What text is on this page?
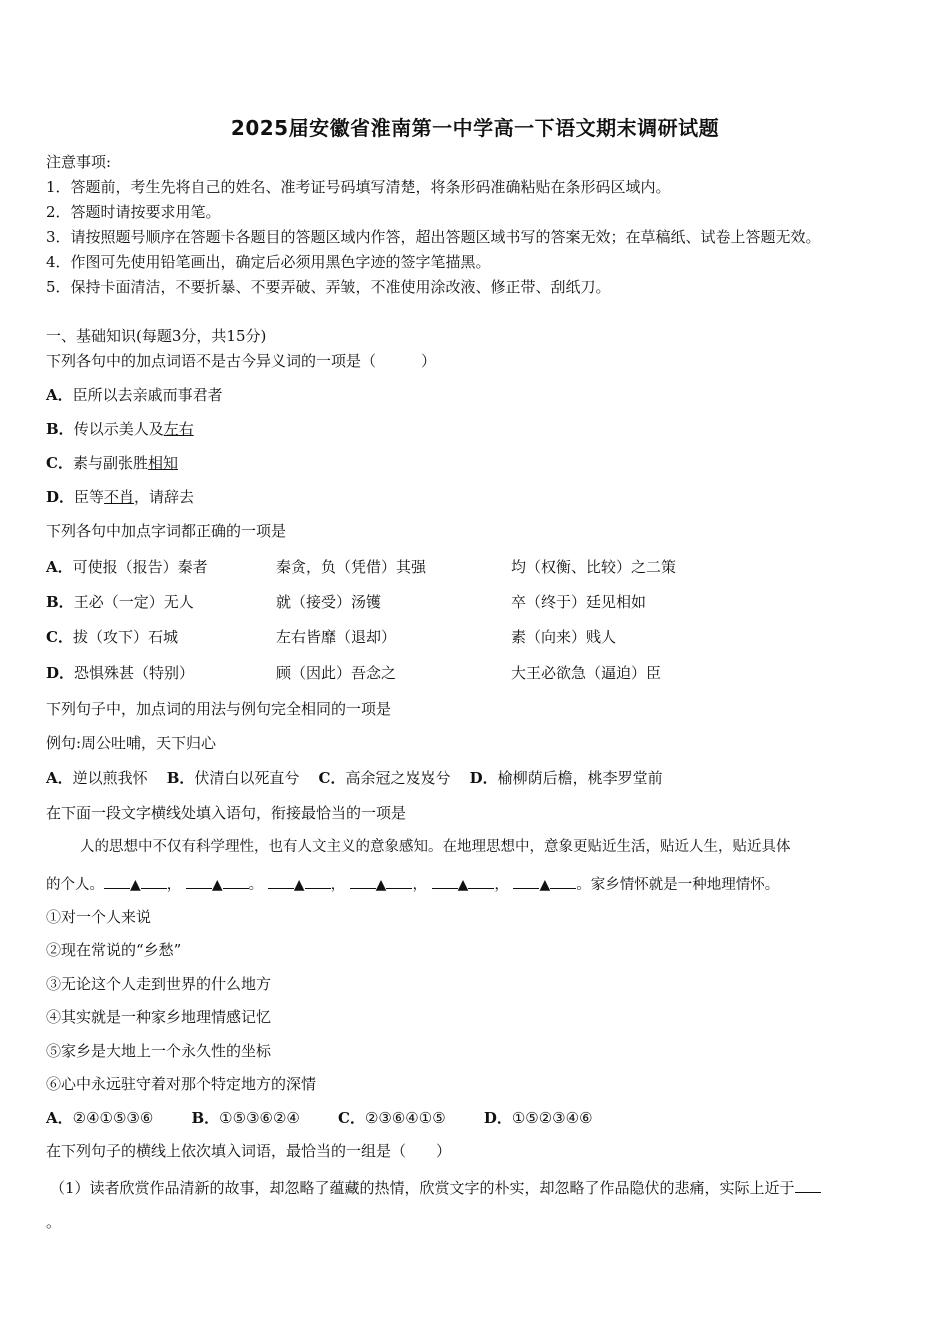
2025届安徽省淮南第一中学高一下语文期末调研试题
注意事项:
1．答题前，考生先将自己的姓名、准考证号码填写清楚，将条形码准确粘贴在条形码区域内。
2．答题时请按要求用笔。
3．请按照题号顺序在答题卡各题目的答题区域内作答，超出答题区域书写的答案无效；在草稿纸、试卷上答题无效。
4．作图可先使用铅笔画出，确定后必须用黑色字迹的签字笔描黑。
5．保持卡面清洁，不要折暴、不要弄破、弄皱，不准使用涂改液、修正带、刮纸刀。
一、基础知识(每题3分，共15分)
下列各句中的加点词语不是古今异义词的一项是（　　　）
A．臣所以去亲戚而事君者
B．传以示美人及左右
C．素与副张胜相知
D．臣等不肖，请辞去
下列各句中加点字词都正确的一项是
A．可使报（报告）秦者	秦贪，负（凭借）其强	均（权衡、比较）之二策
B．王必（一定）无人	就（接受）汤镬	卒（终于）廷见相如
C．拔（攻下）石城	左右皆靡（退却）	素（向来）贱人
D．恐惧殊甚（特别）	顾（因此）吾念之	大王必欲急（逼迫）臣
下列句子中，加点词的用法与例句完全相同的一项是
例句:周公吐哺，天下归心
A．逆以煎我怀 B．伏清白以死直兮 C．高余冠之岌岌兮 D．榆柳荫后檐，桃李罗堂前
在下面一段文字横线处填入语句，衔接最恰当的一项是
人的思想中不仅有科学理性，也有人文主义的意象感知。在地理思想中，意象更贴近生活，贴近人生，贴近具体
的个人。 ▲ ， ▲ 。 ▲ ， ▲ ， ▲ ， ▲ 。家乡情怀就是一种地理情怀。
①对一个人来说
②现在常说的“乡愁”
③无论这个人走到世界的什么地方
④其实就是一种家乡地理情感记忆
⑤家乡是大地上一个永久性的坐标
⑥心中永远驻守着对那个特定地方的深情
A．②④①⑤③⑥	B．①⑤③⑥②④	C．②③⑥④①⑤	D．①⑤②③④⑥
在下列句子的横线上依次填入词语，最恰当的一组是（　　）
（1）读者欣赏作品清新的故事，却忽略了蕴藏的热情，欣赏文字的朴实，却忽略了作品隐伏的悲痛，实际上近于
。
